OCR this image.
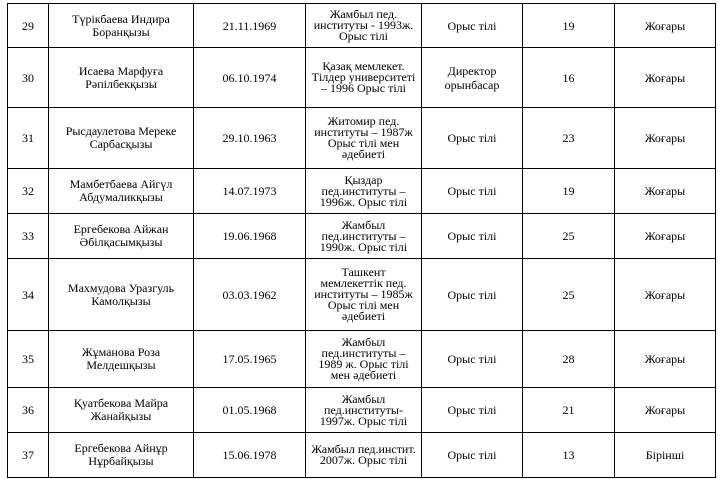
29	Түрікбаева Индира Боранқызы	21.11.1969	Жамбыл пед. институты - 1993ж. Орыс тілі	Орыс тілі	19	Жоғары
30	Исаева Марфуға Рәпілбекқызы	06.10.1974	Қазақ мемлекет. Тілдер университеті – 1996 Орыс тілі	Директор орынбасар	16	Жоғары
31	Рысдаулетова Мереке Сарбасқызы	29.10.1963	Житомир пед. институты – 1987ж Орыс тілі мен әдебиеті	Орыс тілі	23	Жоғары
32	Мамбетбаева Айгүл Абдумаликқызы	14.07.1973	Қыздар пед.институты – 1996ж. Орыс тілі	Орыс тілі	19	Жоғары
33	Ергебекова Айжан Әбілқасымқызы	19.06.1968	Жамбыл пед.институты – 1990ж. Орыс тілі	Орыс тілі	25	Жоғары
34	Махмудова Уразгуль Камолқызы	03.03.1962	Ташкент мемлекеттік пед. институты – 1985ж Орыс тілі мен әдебиеті	Орыс тілі	25	Жоғары
35	Жұманова Роза Мелдешқызы	17.05.1965	Жамбыл пед.институты – 1989 ж. Орыс тілі мен әдебиеті	Орыс тілі	28	Жоғары
36	Қуатбекова Майра Жанайқызы	01.05.1968	Жамбыл пед.институты- 1997ж. Орыс тілі	Орыс тілі	21	Жоғары
37	Ергебекова Айнұр Нұрбайқызы	15.06.1978	Жамбыл пед.инстит. 2007ж. Орыс тілі	Орыс тілі	13	Бірінші
